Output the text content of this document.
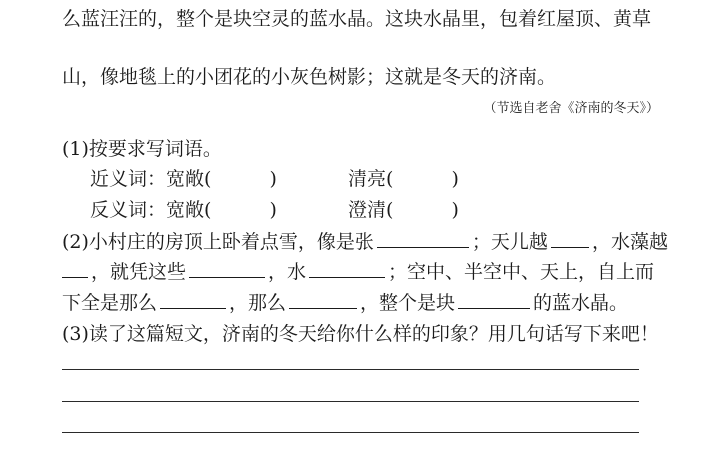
么蓝汪汪的，整个是块空灵的蓝水晶。这块水晶里，包着红屋顶、黄草
山，像地毯上的小团花的小灰色树影；这就是冬天的济南。
（节选自老舍《济南的冬天》）
(1)按要求写词语。
近义词：宽敞(	)	清亮(	)
反义词：宽敞(	)	澄清(	)
(2)小村庄的房顶上卧着点雪，像是张	；天儿越 ，水藻越
，就凭这些	，水	；空中、半空中、天上，自上而
下全是那么	，那么	，整个是块	的蓝水晶。
(3)读了这篇短文，济南的冬天给你什么样的印象？用几句话写下来吧！
